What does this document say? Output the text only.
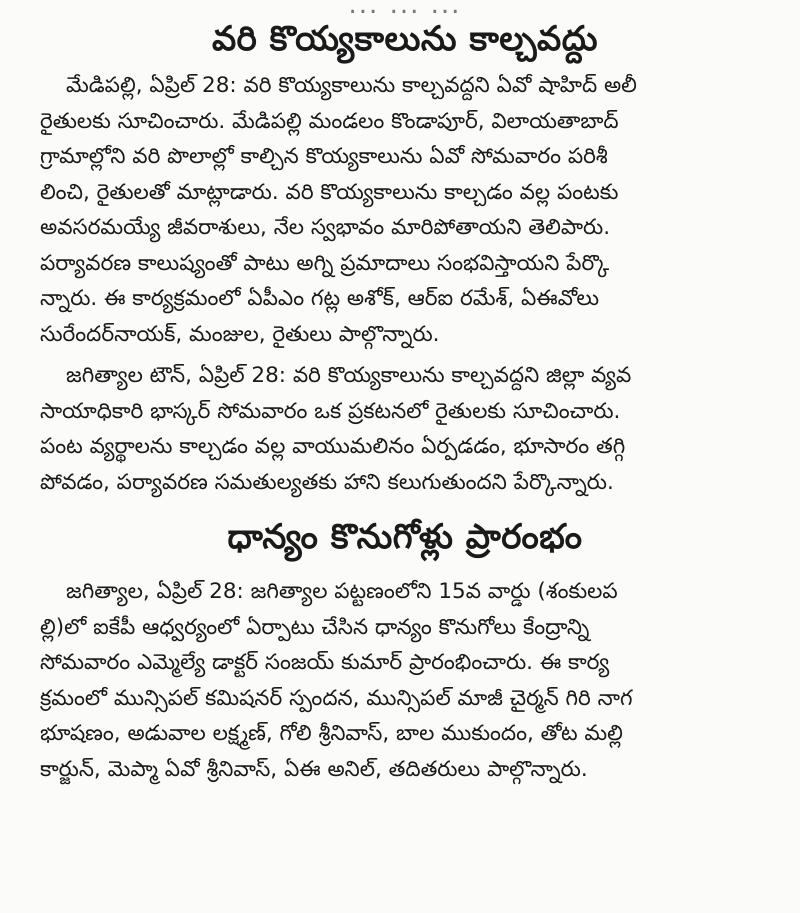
... ... ...
వరి కొయ్యకాలును కాల్చవద్దు
మేడిపల్లి, ఏప్రిల్ 28: వరి కొయ్యకాలును కాల్చవద్దని ఏవో షాహిద్ అలీ
రైతులకు సూచించారు. మేడిపల్లి మండలం కొండాపూర్, విలాయతాబాద్
గ్రామాల్లోని వరి పొలాల్లో కాల్చిన కొయ్యకాలును ఏవో సోమవారం పరిశీ
లించి, రైతులతో మాట్లాడారు. వరి కొయ్యకాలును కాల్చడం వల్ల పంటకు
అవసరమయ్యే జీవరాశులు, నేల స్వభావం మారిపోతాయని తెలిపారు.
పర్యావరణ కాలుష్యంతో పాటు అగ్ని ప్రమాదాలు సంభవిస్తాయని పేర్కొ
న్నారు. ఈ కార్యక్రమంలో ఏపీఎం గట్ల అశోక్, ఆర్ఐ రమేశ్, ఏఈవోలు
సురేందర్‌నాయక్, మంజుల, రైతులు పాల్గొన్నారు.
జగిత్యాల టౌన్, ఏప్రిల్ 28: వరి కొయ్యకాలును కాల్చవద్దని జిల్లా వ్యవ
సాయాధికారి భాస్కర్ సోమవారం ఒక ప్రకటనలో రైతులకు సూచించారు.
పంట వ్యర్థాలను కాల్చడం వల్ల వాయుమలినం ఏర్పడడం, భూసారం తగ్గి
పోవడం, పర్యావరణ సమతుల్యతకు హాని కలుగుతుందని పేర్కొన్నారు.
ధాన్యం కొనుగోళ్లు ప్రారంభం
జగిత్యాల, ఏప్రిల్ 28: జగిత్యాల పట్టణంలోని 15వ వార్డు (శంకులప
ల్లి)లో ఐకేపీ ఆధ్వర్యంలో ఏర్పాటు చేసిన ధాన్యం కొనుగోలు కేంద్రాన్ని
సోమవారం ఎమ్మెల్యే డాక్టర్ సంజయ్ కుమార్ ప్రారంభించారు. ఈ కార్య
క్రమంలో మున్సిపల్ కమిషనర్ స్పందన, మున్సిపల్ మాజీ చైర్మన్ గిరి నాగ
భూషణం, అడువాల లక్ష్మణ్, గోలి శ్రీనివాస్, బాల ముకుందం, తోట మల్లి
కార్జున్, మెప్మా ఏవో శ్రీనివాస్, ఏఈ అనిల్, తదితరులు పాల్గొన్నారు.
